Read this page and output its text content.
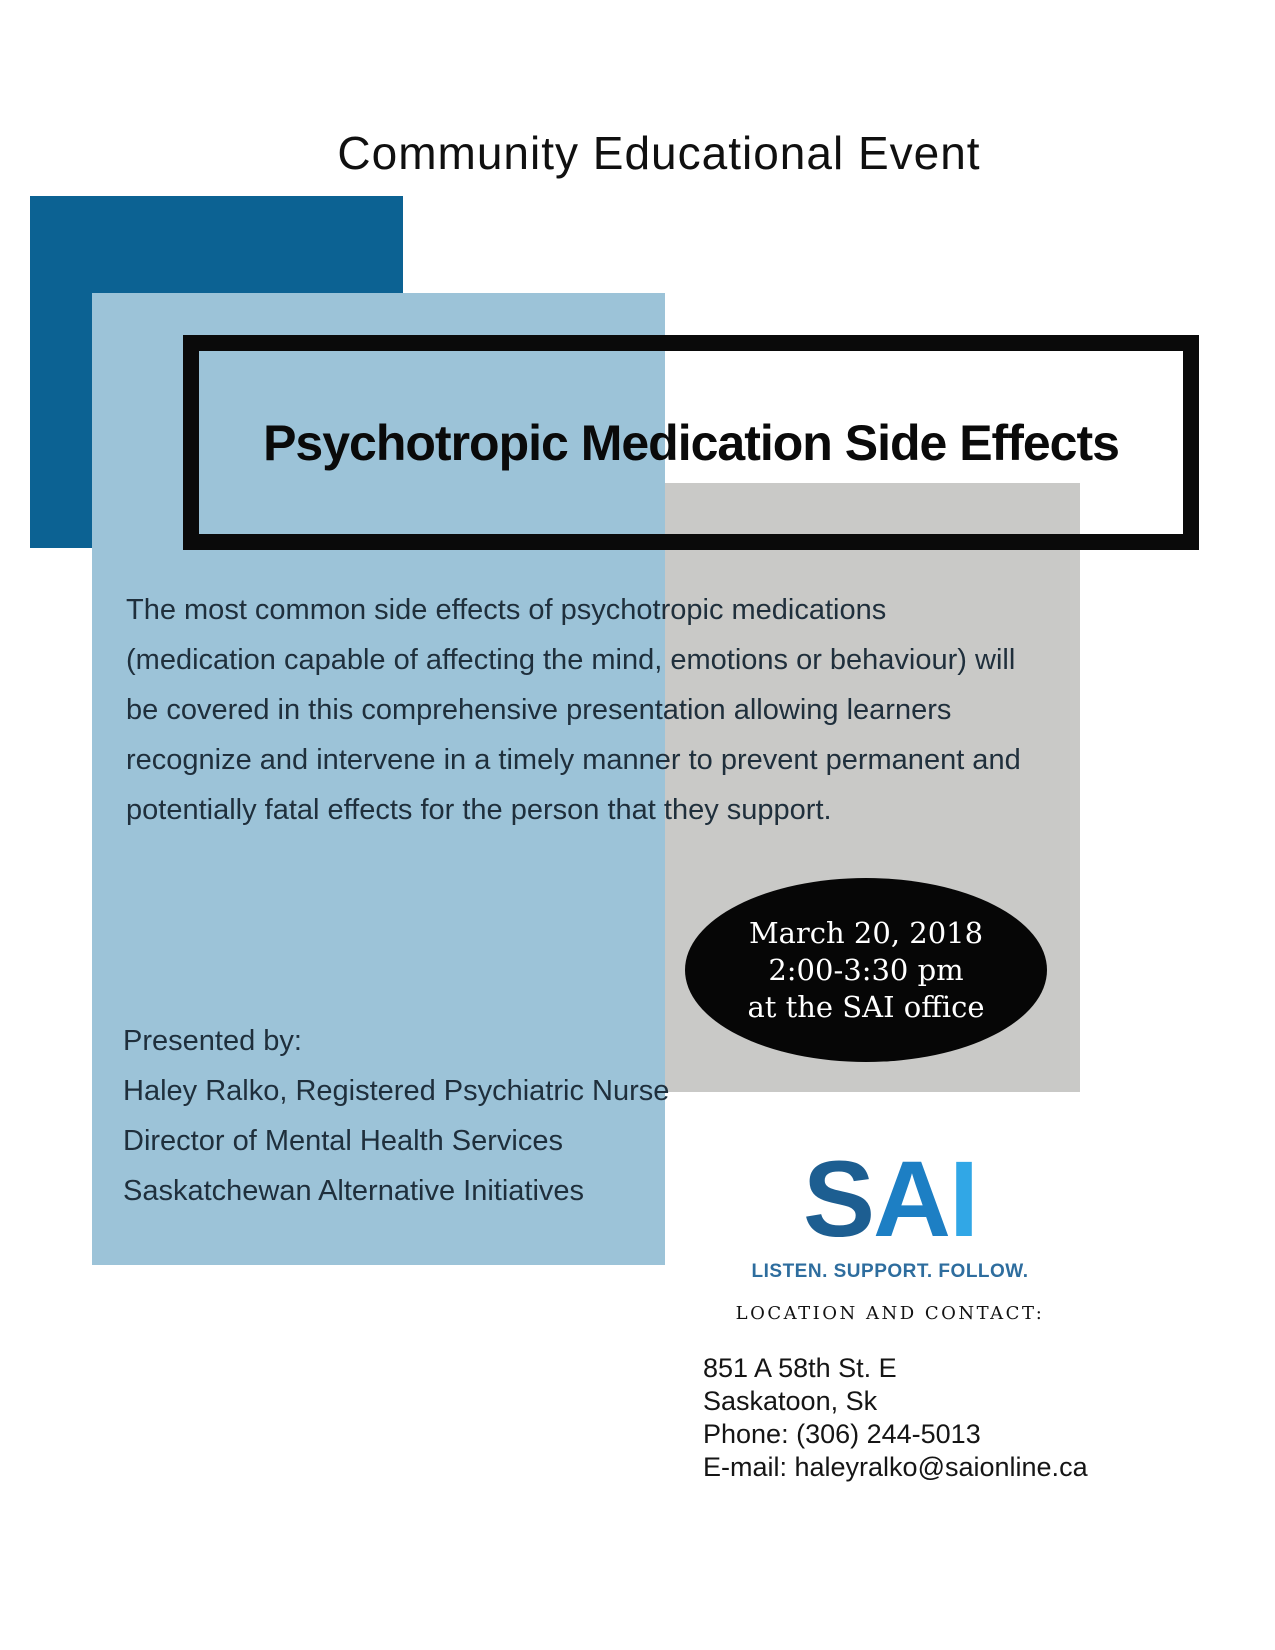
Community Educational Event
Psychotropic Medication Side Effects
The most common side effects of psychotropic medications
(medication capable of affecting the mind, emotions or behaviour) will
be covered in this comprehensive presentation allowing learners
recognize and intervene in a timely manner to prevent permanent and
potentially fatal effects for the person that they support.
March 20, 2018
2:00-3:30 pm
at the SAI office
Presented by:
Haley Ralko, Registered Psychiatric Nurse
Director of Mental Health Services
Saskatchewan Alternative Initiatives	SAI
LISTEN. SUPPORT. FOLLOW.
LOCATION AND CONTACT:
851 A 58th St. E
Saskatoon, Sk
Phone: (306) 244-5013
E-mail: haleyralko@saionline.ca
